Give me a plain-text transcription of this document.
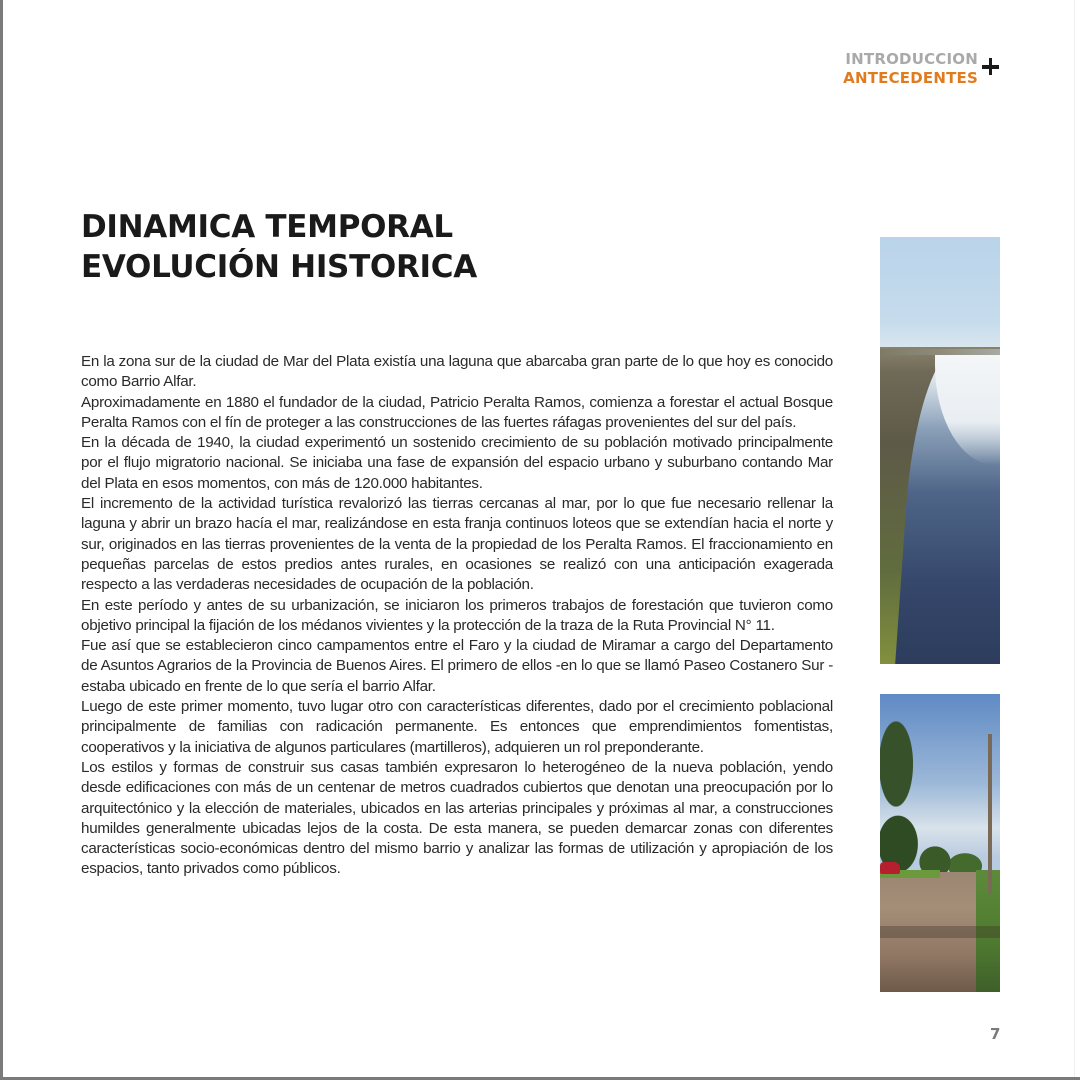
INTRODUCCION
ANTECEDENTES
DINAMICA TEMPORAL
EVOLUCIÓN HISTORICA

En la zona sur de la ciudad de Mar del Plata existía una laguna que abarcaba gran parte de lo que hoy es conocido como Barrio Alfar.

Aproximadamente en 1880 el fundador de la ciudad, Patricio Peralta Ramos, comienza a forestar el actual Bosque Peralta Ramos con el fín de proteger a las construcciones de las fuertes ráfagas provenientes del sur del país.

En la década de 1940, la ciudad experimentó un sostenido crecimiento de su población motivado principalmente por el flujo migratorio nacional. Se iniciaba una fase de expansión del espacio urbano y suburbano contando Mar del Plata en esos momentos, con más de 120.000 habitantes.

El incremento de la actividad turística revalorizó las tierras cercanas al mar, por lo que fue necesario rellenar la laguna y abrir un brazo hacía el mar, realizándose en esta franja continuos loteos que se extendían hacia el norte y sur, originados en las tierras provenientes de la venta de la propiedad de los Peralta Ramos. El fraccionamiento en pequeñas parcelas de estos predios antes rurales, en ocasiones se realizó con una anticipación exagerada respecto a las verdaderas necesidades de ocupación de la población.

En este período y antes de su urbanización, se iniciaron los primeros trabajos de forestación que tuvieron como objetivo principal la fijación de los médanos vivientes y la protección de la traza de la Ruta Provincial N° 11.

Fue así que se establecieron cinco campamentos entre el Faro y la ciudad de Miramar a cargo del Departamento de Asuntos Agrarios de la Provincia de Buenos Aires. El primero de ellos -en lo que se llamó Paseo Costanero Sur - estaba ubicado en frente de lo que sería el barrio Alfar.

Luego de este primer momento, tuvo lugar otro con características diferentes, dado por el crecimiento poblacional principalmente de familias con radicación permanente. Es entonces que emprendimientos fomentistas, cooperativos y la iniciativa de algunos particulares (martilleros), adquieren un rol preponderante.

Los estilos y formas de construir sus casas también expresaron lo heterogéneo de la nueva población, yendo desde edificaciones con más de un centenar de metros cuadrados cubiertos que denotan una preocupación por lo arquitectónico y la elección de materiales, ubicados en las arterias principales y próximas al mar, a construcciones humildes generalmente ubicadas lejos de la costa. De esta manera, se pueden demarcar zonas con diferentes características socio-económicas dentro del mismo barrio y analizar las formas de utilización y apropiación de los espacios, tanto privados como públicos.

7
